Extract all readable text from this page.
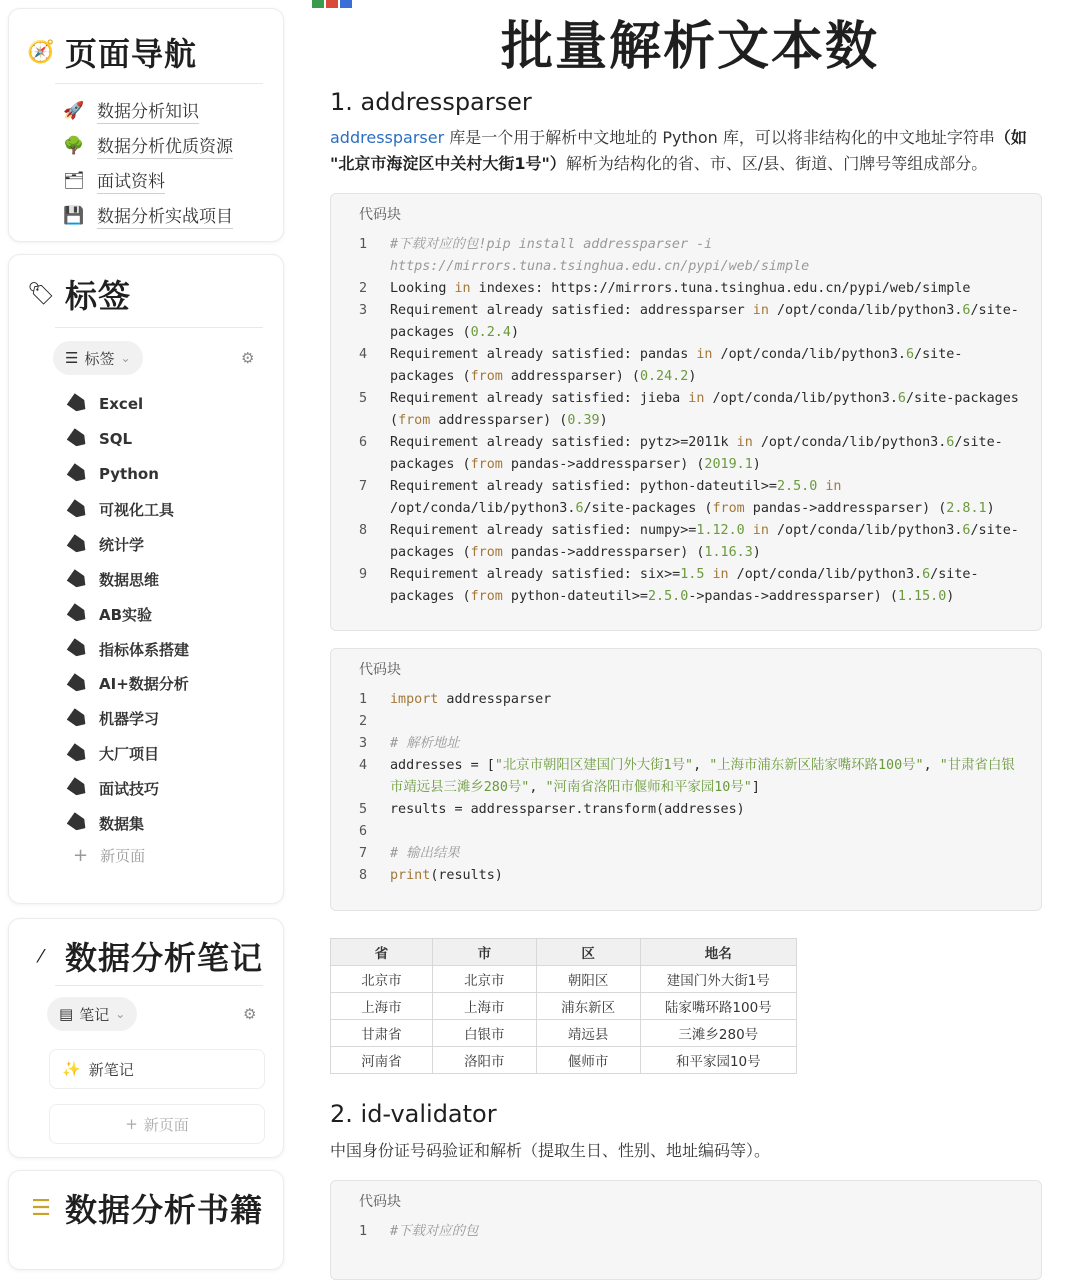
🧭 页面导航
🚀 数据分析知识
🌳 数据分析优质资源
🗂 面试资料
💾 数据分析实战项目
🏷 标签
☰ 标签 ⌄	⚙
Excel
SQL
Python
可视化工具
统计学
数据思维
AB实验
指标体系搭建
AI+数据分析
机器学习
大厂项目
面试技巧
数据集
+ 新页面
⁄ 数据分析笔记
▤ 笔记 ⌄	⚙
✨ 新笔记
+ 新页面
☰ 数据分析书籍
批量解析文本数
1. addressparser

addressparser 库是一个用于解析中文地址的 Python 库，可以将非结构化的中文地址字符串（如 "北京市海淀区中关村大街1号"）解析为结构化的省、市、区/县、街道、门牌号等组成部分。

代码块
1 #下载对应的包!pip install addressparser -i https://mirrors.tuna.tsinghua.edu.cn/pypi/web/simple
2 Looking in indexes: https://mirrors.tuna.tsinghua.edu.cn/pypi/web/simple
3 Requirement already satisfied: addressparser in /opt/conda/lib/python3.6/site-packages (0.2.4)
4 Requirement already satisfied: pandas in /opt/conda/lib/python3.6/site-packages (from addressparser) (0.24.2)
5 Requirement already satisfied: jieba in /opt/conda/lib/python3.6/site-packages (from addressparser) (0.39)
6 Requirement already satisfied: pytz>=2011k in /opt/conda/lib/python3.6/site-packages (from pandas->addressparser) (2019.1)
7 Requirement already satisfied: python-dateutil>=2.5.0 in /opt/conda/lib/python3.6/site-packages (from pandas->addressparser) (2.8.1)
8 Requirement already satisfied: numpy>=1.12.0 in /opt/conda/lib/python3.6/site-packages (from pandas->addressparser) (1.16.3)
9 Requirement already satisfied: six>=1.5 in /opt/conda/lib/python3.6/site-packages (from python-dateutil>=2.5.0->pandas->addressparser) (1.15.0)
代码块
1 import addressparser
2
3 # 解析地址
4 addresses = ["北京市朝阳区建国门外大街1号", "上海市浦东新区陆家嘴环路100号", "甘肃省白银市靖远县三滩乡280号", "河南省洛阳市偃师和平家园10号"]
5 results = addressparser.transform(addresses)
6
7 # 输出结果
8 print(results)
省	市	区	地名
北京市	北京市	朝阳区	建国门外大街1号
上海市	上海市	浦东新区	陆家嘴环路100号
甘肃省	白银市	靖远县	三滩乡280号
河南省	洛阳市	偃师市	和平家园10号
2. id-validator

中国身份证号码验证和解析（提取生日、性别、地址编码等）。

代码块
1 #下载对应的包
